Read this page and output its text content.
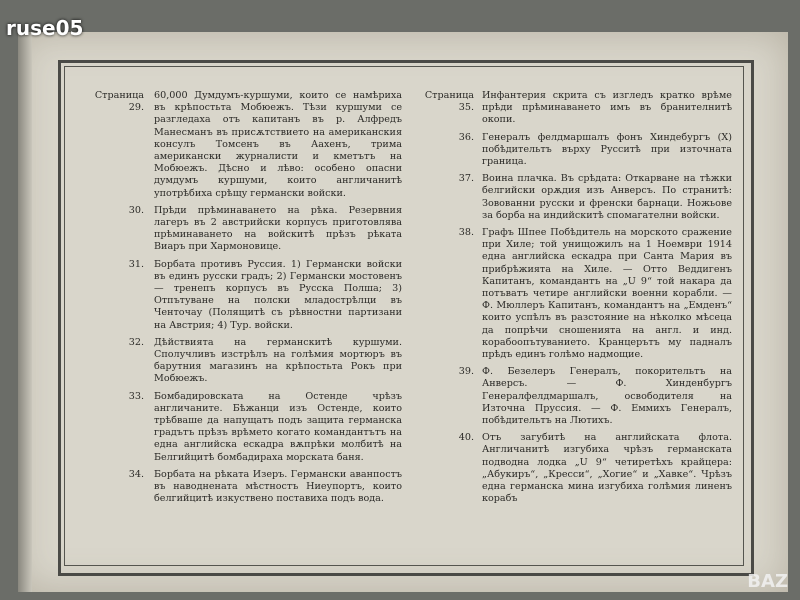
ruse05
BAZ
Страница 29.
60,000 Думдумъ-куршуми, които се намѣриха въ крѣпостьта Мобюежъ. Тѣзи куршуми се разгледаха отъ капитанъ въ р. Алфредъ Манесманъ въ присѫтствието на американския консулъ Томсенъ въ Аахенъ, трима американски журналисти и кметътъ на Мобюежъ. Дѣсно и лѣво: особено опасни думдумъ куршуми, които англичанитѣ употрѣбиха срѣщу германски войски.
30. Прѣди прѣминаването на рѣка. Резервния лагеръ въ 2 австрийски корпусъ приготовлява прѣминаването на войскитѣ прѣзъ рѣката Виаръ при Хармоновице.
31. Борбата противъ Руссия. 1) Германски войски въ единъ русски градъ; 2) Германски мостовенъ — тренепъ корпусъ въ Русска Полша; 3) Отпътуване на полски младострѣлци въ Ченточау (Полящитѣ съ рѣвностни партизани на Австрия; 4) Тур. войски.
32. Дѣйствията на германскитѣ куршуми. Сполучливъ изстрѣлъ на голѣмия мортюръ въ барутния магазинъ на крѣпостьта Рокъ при Мобюежъ.
33. Бомбадировската на Остенде чрѣзъ англичаните. Бѣжанци изъ Остенде, които трѣбваше да напущатъ подъ защита германска градътъ прѣзъ врѣмето когато командантътъ на една английска ескадра вѫпрѣки молбитѣ на Белгийцитѣ бомбадираха морската баня.
34. Борбата на рѣката Изеръ. Германски аванпостъ въ наводнената мѣстностъ Ниеупортъ, които белгийцитѣ изкуствено поставиха подъ вода.
Страница 35.
Инфантерия скрита съ изгледъ кратко врѣме прѣди прѣминаването имъ въ бранителнитѣ окопи.
36. Генералъ фелдмаршалъ фонъ Хиндебургъ (Х) побѣдительтъ върху Русситѣ при източната граница.
37. Воина плачка. Въ срѣдата: Откарване на тѣжки белгийски орѫдия изъ Анверсъ. По странитѣ: Зовованни русски и френски барнаци. Ножьове за борба на индийскитѣ спомагателни войски.
38. Графъ Шпее Побѣдитель на морското сражение при Хиле; той унищожилъ на 1 Ноември 1914 една английска ескадра при Санта Мария въ прибрѣжията на Хиле. — Отто Веддигенъ Капитанъ, командантъ на „U 9“ той накара да потъватъ четире английски военни корабли. — Ф. Мюллеръ Капитанъ, командантъ на „Емденъ“ които успѣлъ въ разстояние на нѣколко мѣсеца да попрѣчи сношенията на англ. и инд. корабоопътуванието. Кранцерътъ му падналъ прѣдъ единъ голѣмо надмощие.
39. Ф. Безелеръ Генералъ, покорительтъ на Анверсъ. — Ф. Хинденбургъ Генералфелдмаршалъ, освободителя на Източна Пруссия. — Ф. Еммихъ Генералъ, побѣдительтъ на Лютихъ.
40. Отъ загубитѣ на английската флота. Англичанитѣ изгубиха чрѣзъ германската подводна лодка „U 9“ четиретѣхъ крайцера: „Абукиръ“, „Кресси“, „Хогие“ и „Хавке“. Чрѣзъ една германска мина изгубиха голѣмия линенъ корабъ
